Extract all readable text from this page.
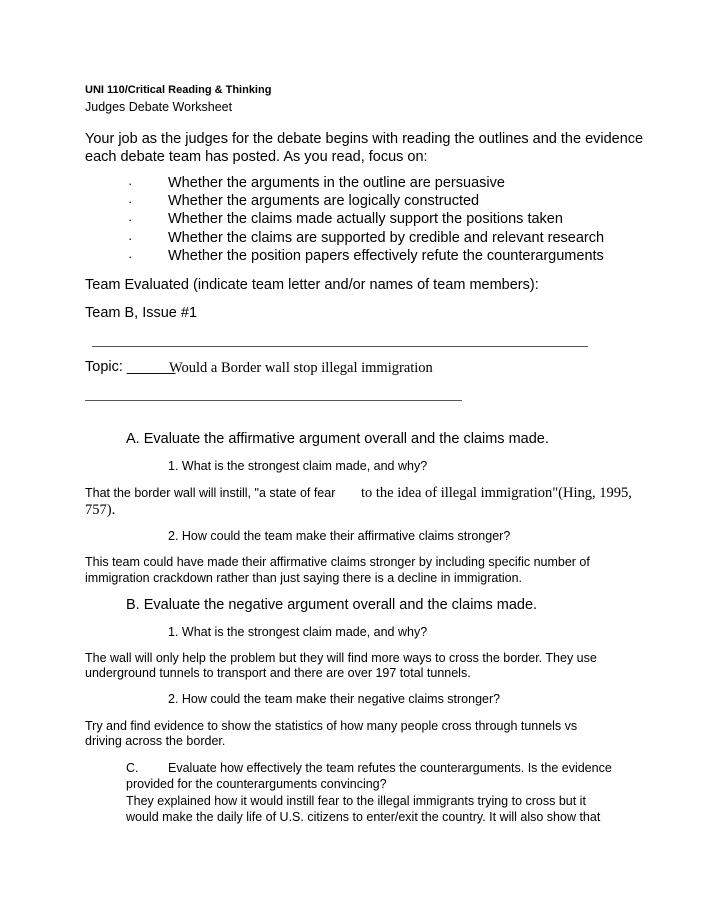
UNI 110/Critical Reading & Thinking
Judges Debate Worksheet
Your job as the judges for the debate begins with reading the outlines and the evidence
each debate team has posted. As you read, focus on:
· Whether the arguments in the outline are persuasive
· Whether the arguments are logically constructed
· Whether the claims made actually support the positions taken
· Whether the claims are supported by credible and relevant research
· Whether the position papers effectively refute the counterarguments
Team Evaluated (indicate team letter and/or names of team members):
Team B, Issue #1
Topic: ______
Would a Border wall stop illegal immigration
A. Evaluate the affirmative argument overall and the claims made.
1. What is the strongest claim made, and why?
That the border wall will instill, "a state of fear to the idea of illegal immigration"(Hing, 1995,
757).
2. How could the team make their affirmative claims stronger?
This team could have made their affirmative claims stronger by including specific number of
immigration crackdown rather than just saying there is a decline in immigration.
B. Evaluate the negative argument overall and the claims made.
1. What is the strongest claim made, and why?
The wall will only help the problem but they will find more ways to cross the border. They use
underground tunnels to transport and there are over 197 total tunnels.
2. How could the team make their negative claims stronger?
Try and find evidence to show the statistics of how many people cross through tunnels vs
driving across the border.
C. Evaluate how effectively the team refutes the counterarguments. Is the evidence
provided for the counterarguments convincing?
They explained how it would instill fear to the illegal immigrants trying to cross but it
would make the daily life of U.S. citizens to enter/exit the country. It will also show that
